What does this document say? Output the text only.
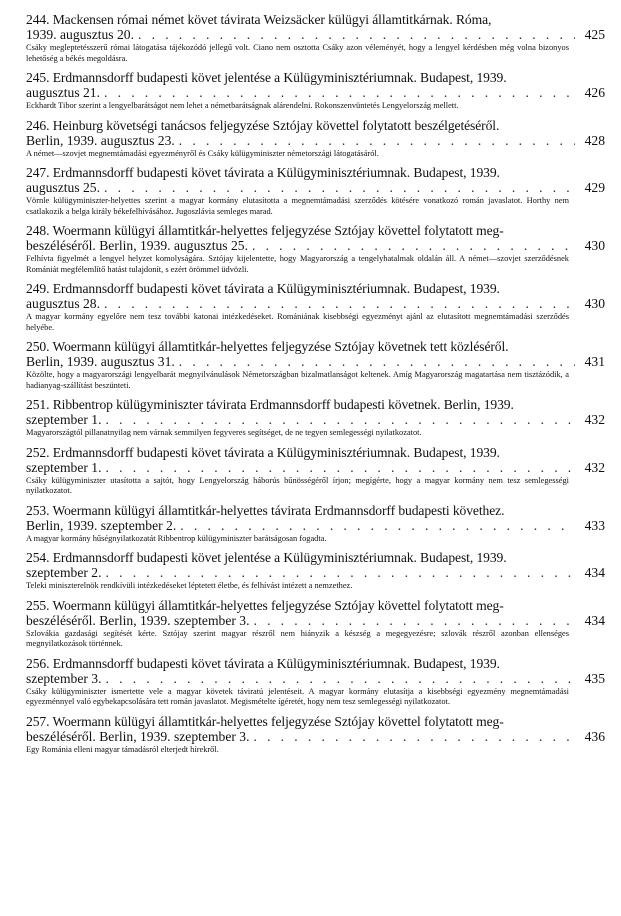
244. Mackensen római német követ távirata Weizsäcker külügyi államtitkárnak. Róma,
1939. augusztus 20. . . .	425
Csáky megleptetésszerű római látogatása tájékozódó jellegű volt. Ciano nem osztotta Csáky azon véleményét, hogy a lengyel kérdésben még volna bizonyos lehetőség a békés megoldásra.
245. Erdmannsdorff budapesti követ jelentése a Külügyminisztériumnak. Budapest, 1939.
augusztus 21. . . .	426
Eckhardt Tibor szerint a lengyelbarátságot nem lehet a németbarátságnak alárendelni. Rokonszenvüntetés Lengyelország mellett.
246. Heinburg követségi tanácsos feljegyzése Sztójay követtel folytatott beszélgetéséről.
Berlin, 1939. augusztus 23. . . .	428
A német—szovjet megnemtámadási egyezményről és Csáky külügyminiszter németországi látogatásáról.
247. Erdmannsdorff budapesti követ távirata a Külügyminisztériumnak. Budapest, 1939.
augusztus 25. . . .	429
Vörnle külügyminiszter-helyettes szerint a magyar kormány elutasította a megnemtámadási szerződés kötésére vonatkozó román javaslatot. Horthy nem csatlakozik a belga király békefelhívásához. Jugoszlávia semleges marad.
248. Woermann külügyi államtitkár-helyettes feljegyzése Sztójay követtel folytatott meg-
beszéléséről. Berlin, 1939. augusztus 25. . . .	430
Felhívta figyelmét a lengyel helyzet komolyságára. Sztójay kijelentette, hogy Magyarország a tengelyhatalmak oldalán áll. A német—szovjet szerződésnek Romániát megfélemlítő hatást tulajdonít, s ezért örömmel üdvözli.
249. Erdmannsdorff budapesti követ távirata a Külügyminisztériumnak. Budapest, 1939.
augusztus 28. . . .	430
A magyar kormány egyelőre nem tesz további katonai intézkedéseket. Romániának kisebbségi egyezményt ajánl az elutasított megnemtámadási szerződés helyébe.
250. Woermann külügyi államtitkár-helyettes feljegyzése Sztójay követnek tett közléséről.
Berlin, 1939. augusztus 31. . . .	431
Közölte, hogy a magyarországi lengyelbarát megnyilvánulások Németországban bizalmatlanságot keltenek. Amíg Magyarország magatartása nem tisztázódik, a hadianyag-szállítást beszünteti.
251. Ribbentrop külügyminiszter távirata Erdmannsdorff budapesti követnek. Berlin, 1939.
szeptember 1. . . .	432
Magyarországtól pillanatnyilag nem várnak semmilyen fegyveres segítséget, de ne tegyen semlegességi nyilatkozatot.
252. Erdmannsdorff budapesti követ távirata a Külügyminisztériumnak. Budapest, 1939.
szeptember 1. . . .	432
Csáky külügyminiszter utasította a sajtót, hogy Lengyelország háborús bűnösségéről írjon; megígérte, hogy a magyar kormány nem tesz semlegességi nyilatkozatot.
253. Woermann külügyi államtitkár-helyettes távirata Erdmannsdorff budapesti követhez.
Berlin, 1939. szeptember 2. . . .	433
A magyar kormány hűségnyilatkozatát Ribbentrop külügyminiszter barátságosan fogadta.
254. Erdmannsdorff budapesti követ jelentése a Külügyminisztériumnak. Budapest, 1939.
szeptember 2. . . .	434
Teleki miniszterelnök rendkívüli intézkedéseket léptetett életbe, és felhívást intézett a nemzethez.
255. Woermann külügyi államtitkár-helyettes feljegyzése Sztójay követtel folytatott meg-
beszéléséről. Berlin, 1939. szeptember 3. . . .	434
Szlovákia gazdasági segítését kérte. Sztójay szerint magyar részről nem hiányzik a készség a megegyezésre; szlovák részről azonban ellenséges megnyilatkozások történnek.
256. Erdmannsdorff budapesti követ távirata a Külügyminisztériumnak. Budapest, 1939.
szeptember 3. . . .	435
Csáky külügyminiszter ismertette vele a magyar követek táviratú jelentéseit. A magyar kormány elutasítja a kisebbségi egyezmény megnemtámadási egyezménnyel való egybekapcsolására tett román javaslatot. Megismételte ígéretét, hogy nem tesz semlegességi nyilatkozatot.
257. Woermann külügyi államtitkár-helyettes feljegyzése Sztójay követtel folytatott meg-
beszéléséről. Berlin, 1939. szeptember 3. . . .	436
Egy Románia elleni magyar támadásról elterjedt hírekről.
